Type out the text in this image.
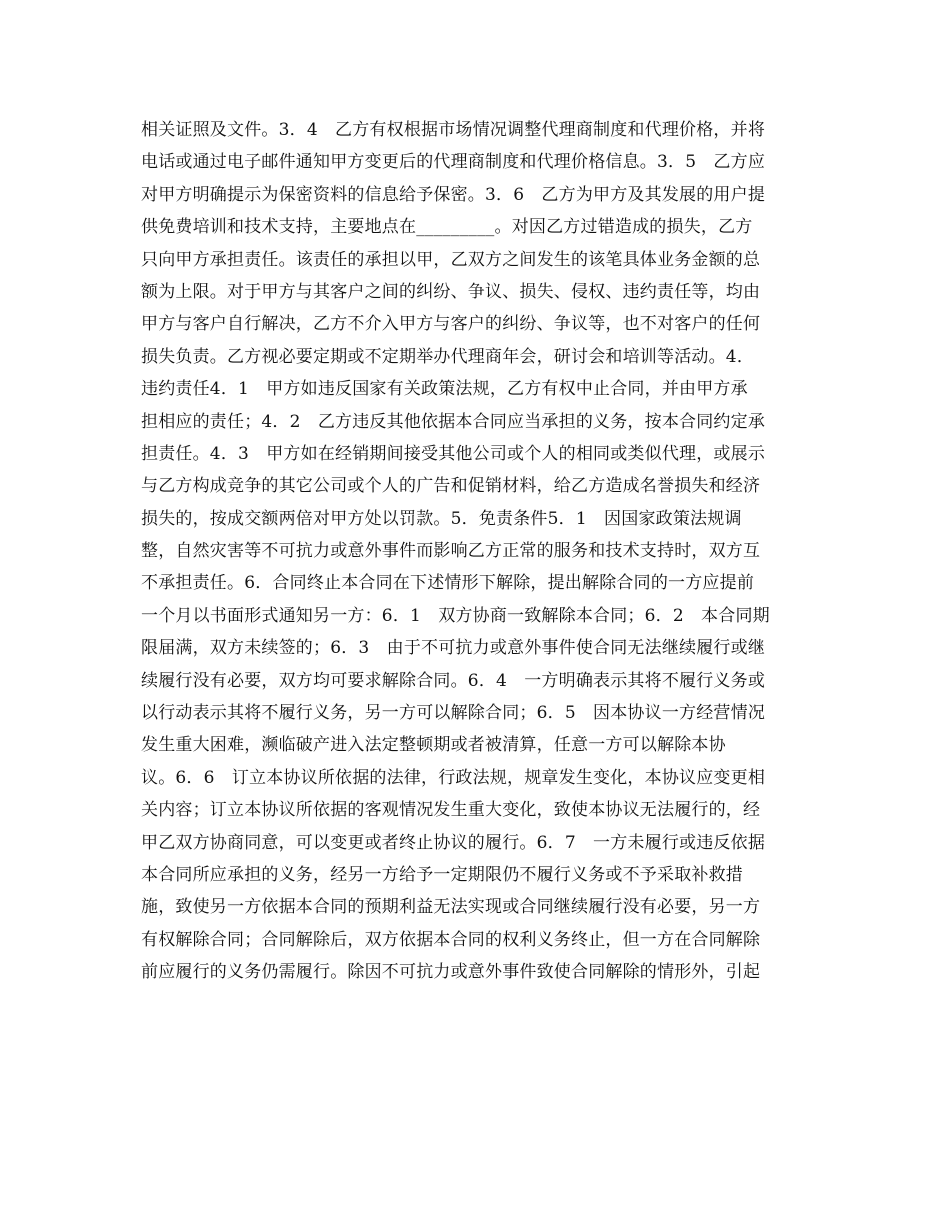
相关证照及文件。3．4　乙方有权根据市场情况调整代理商制度和代理价格，并将
电话或通过电子邮件通知甲方变更后的代理商制度和代理价格信息。3．5　乙方应
对甲方明确提示为保密资料的信息给予保密。3．6　乙方为甲方及其发展的用户提
供免费培训和技术支持，主要地点在_________。对因乙方过错造成的损失，乙方
只向甲方承担责任。该责任的承担以甲，乙双方之间发生的该笔具体业务金额的总
额为上限。对于甲方与其客户之间的纠纷、争议、损失、侵权、违约责任等，均由
甲方与客户自行解决，乙方不介入甲方与客户的纠纷、争议等，也不对客户的任何
损失负责。乙方视必要定期或不定期举办代理商年会，研讨会和培训等活动。4．
违约责任4．1　甲方如违反国家有关政策法规，乙方有权中止合同，并由甲方承
担相应的责任；4．2　乙方违反其他依据本合同应当承担的义务，按本合同约定承
担责任。4．3　甲方如在经销期间接受其他公司或个人的相同或类似代理，或展示
与乙方构成竞争的其它公司或个人的广告和促销材料，给乙方造成名誉损失和经济
损失的，按成交额两倍对甲方处以罚款。5．免责条件5．1　因国家政策法规调
整，自然灾害等不可抗力或意外事件而影响乙方正常的服务和技术支持时，双方互
不承担责任。6．合同终止本合同在下述情形下解除，提出解除合同的一方应提前
一个月以书面形式通知另一方：6．1　双方协商一致解除本合同；6．2　本合同期
限届满，双方未续签的；6．3　由于不可抗力或意外事件使合同无法继续履行或继
续履行没有必要，双方均可要求解除合同。6．4　一方明确表示其将不履行义务或
以行动表示其将不履行义务，另一方可以解除合同；6．5　因本协议一方经营情况
发生重大困难，濒临破产进入法定整顿期或者被清算，任意一方可以解除本协
议。6．6　订立本协议所依据的法律，行政法规，规章发生变化，本协议应变更相
关内容；订立本协议所依据的客观情况发生重大变化，致使本协议无法履行的，经
甲乙双方协商同意，可以变更或者终止协议的履行。6．7　一方未履行或违反依据
本合同所应承担的义务，经另一方给予一定期限仍不履行义务或不予采取补救措
施，致使另一方依据本合同的预期利益无法实现或合同继续履行没有必要，另一方
有权解除合同；合同解除后，双方依据本合同的权利义务终止，但一方在合同解除
前应履行的义务仍需履行。除因不可抗力或意外事件致使合同解除的情形外，引起
